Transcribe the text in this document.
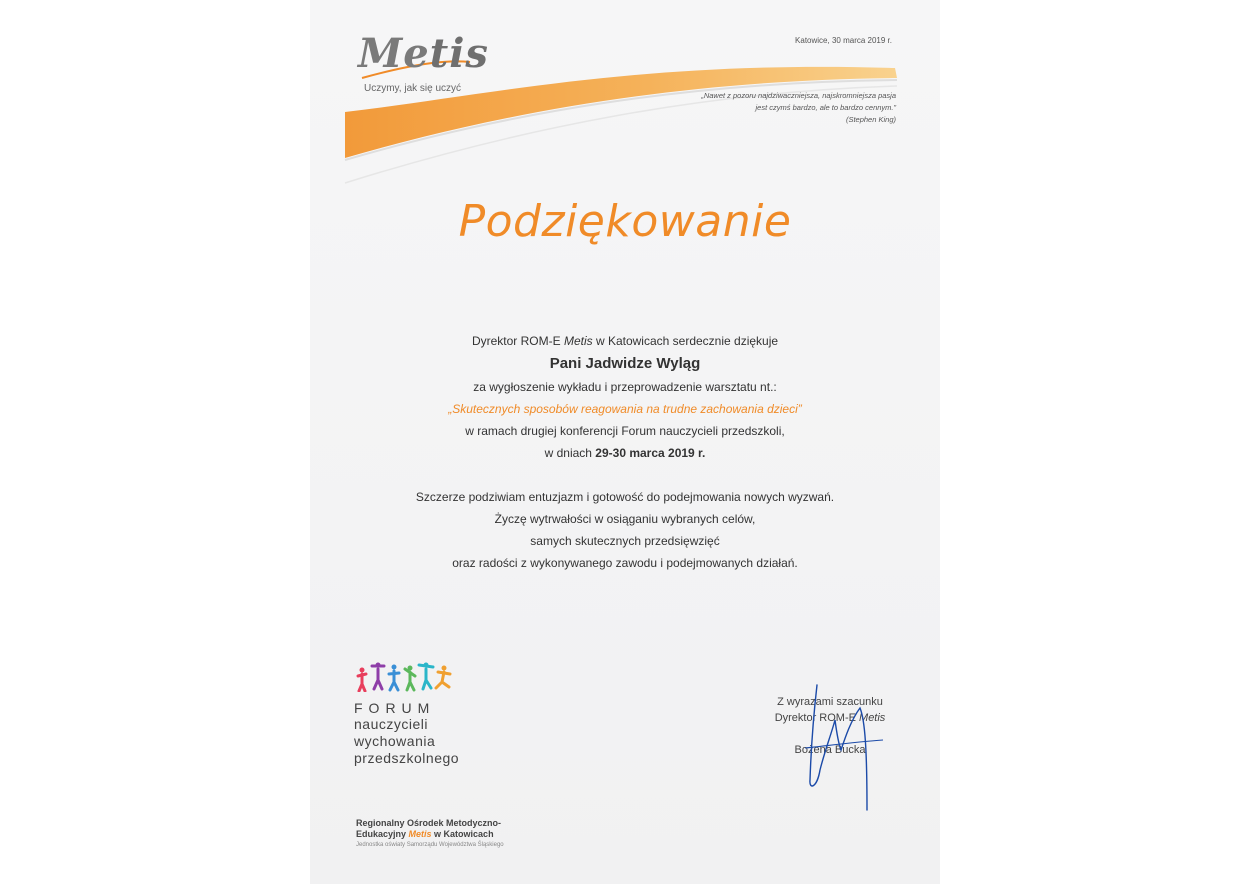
Metis
Uczymy, jak się uczyć
Katowice, 30 marca 2019 r.
„Nawet z pozoru najdziwaczniejsza, najskromniejsza pasja
jest czymś bardzo, ale to bardzo cennym.”
(Stephen King)
Podziękowanie
Dyrektor ROM-E Metis w Katowicach serdecznie dziękuje
Pani Jadwidze Wyląg
za wygłoszenie wykładu i przeprowadzenie warsztatu nt.:
„Skutecznych sposobów reagowania na trudne zachowania dzieci”
w ramach drugiej konferencji Forum nauczycieli przedszkoli,
w dniach 29-30 marca 2019 r.
Szczerze podziwiam entuzjazm i gotowość do podejmowania nowych wyzwań.
Życzę wytrwałości w osiąganiu wybranych celów,
samych skutecznych przedsięwzięć
oraz radości z wykonywanego zawodu i podejmowanych działań.
FORUM
nauczycieli
wychowania
przedszkolnego
Z wyrazami szacunku
Dyrektor ROM-E Metis
Bożena Bucka
Regionalny Ośrodek Metodyczno-
Edukacyjny Metis w Katowicach
Jednostka oświaty Samorządu Województwa Śląskiego
